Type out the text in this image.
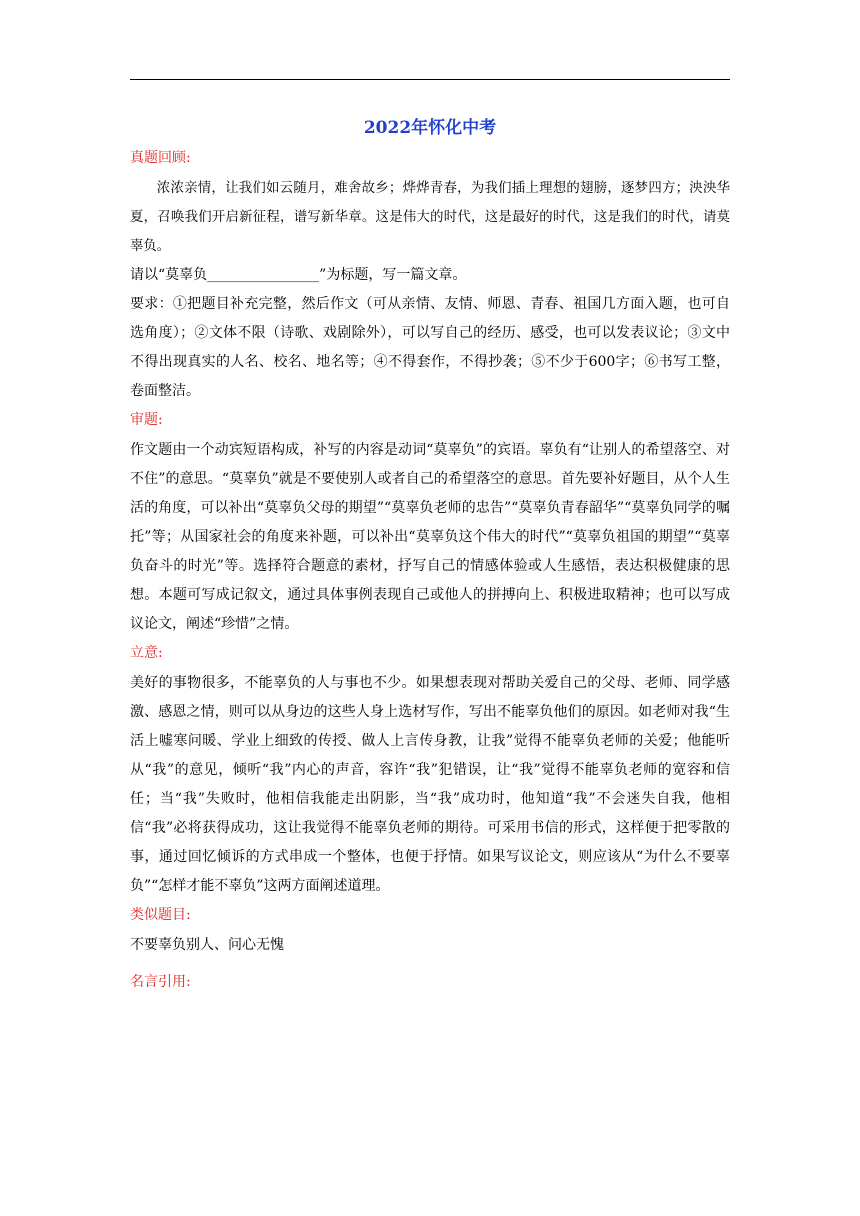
2022年怀化中考

真题回顾:

浓浓亲情，让我们如云随月，难舍故乡；烨烨青春，为我们插上理想的翅膀，逐梦四方；泱泱华夏，召唤我们开启新征程，谱写新华章。这是伟大的时代，这是最好的时代，这是我们的时代，请莫辜负。

请以“莫辜负________________”为标题，写一篇文章。

要求：①把题目补充完整，然后作文（可从亲情、友情、师恩、青春、祖国几方面入题，也可自选角度）；②文体不限（诗歌、戏剧除外），可以写自己的经历、感受，也可以发表议论；③文中不得出现真实的人名、校名、地名等；④不得套作，不得抄袭；⑤不少于600字；⑥书写工整，卷面整洁。

审题:

作文题由一个动宾短语构成，补写的内容是动词“莫辜负”的宾语。辜负有“让别人的希望落空、对不住”的意思。“莫辜负”就是不要使别人或者自己的希望落空的意思。首先要补好题目，从个人生活的角度，可以补出“莫辜负父母的期望”“莫辜负老师的忠告”“莫辜负青春韶华”“莫辜负同学的嘱托”等；从国家社会的角度来补题，可以补出“莫辜负这个伟大的时代”“莫辜负祖国的期望”“莫辜负奋斗的时光”等。选择符合题意的素材，抒写自己的情感体验或人生感悟，表达积极健康的思想。本题可写成记叙文，通过具体事例表现自己或他人的拼搏向上、积极进取精神；也可以写成议论文，阐述“珍惜”之情。

立意:

美好的事物很多，不能辜负的人与事也不少。如果想表现对帮助关爱自己的父母、老师、同学感激、感恩之情，则可以从身边的这些人身上选材写作，写出不能辜负他们的原因。如老师对我“生活上嘘寒问暖、学业上细致的传授、做人上言传身教，让我”觉得不能辜负老师的关爱；他能听从“我”的意见，倾听“我”内心的声音，容许“我”犯错误，让“我”觉得不能辜负老师的宽容和信任；当“我”失败时，他相信我能走出阴影，当“我”成功时，他知道“我”不会迷失自我，他相信“我”必将获得成功，这让我觉得不能辜负老师的期待。可采用书信的形式，这样便于把零散的事，通过回忆倾诉的方式串成一个整体，也便于抒情。如果写议论文，则应该从“为什么不要辜负”“怎样才能不辜负”这两方面阐述道理。

类似题目:

不要辜负别人、问心无愧

名言引用:
